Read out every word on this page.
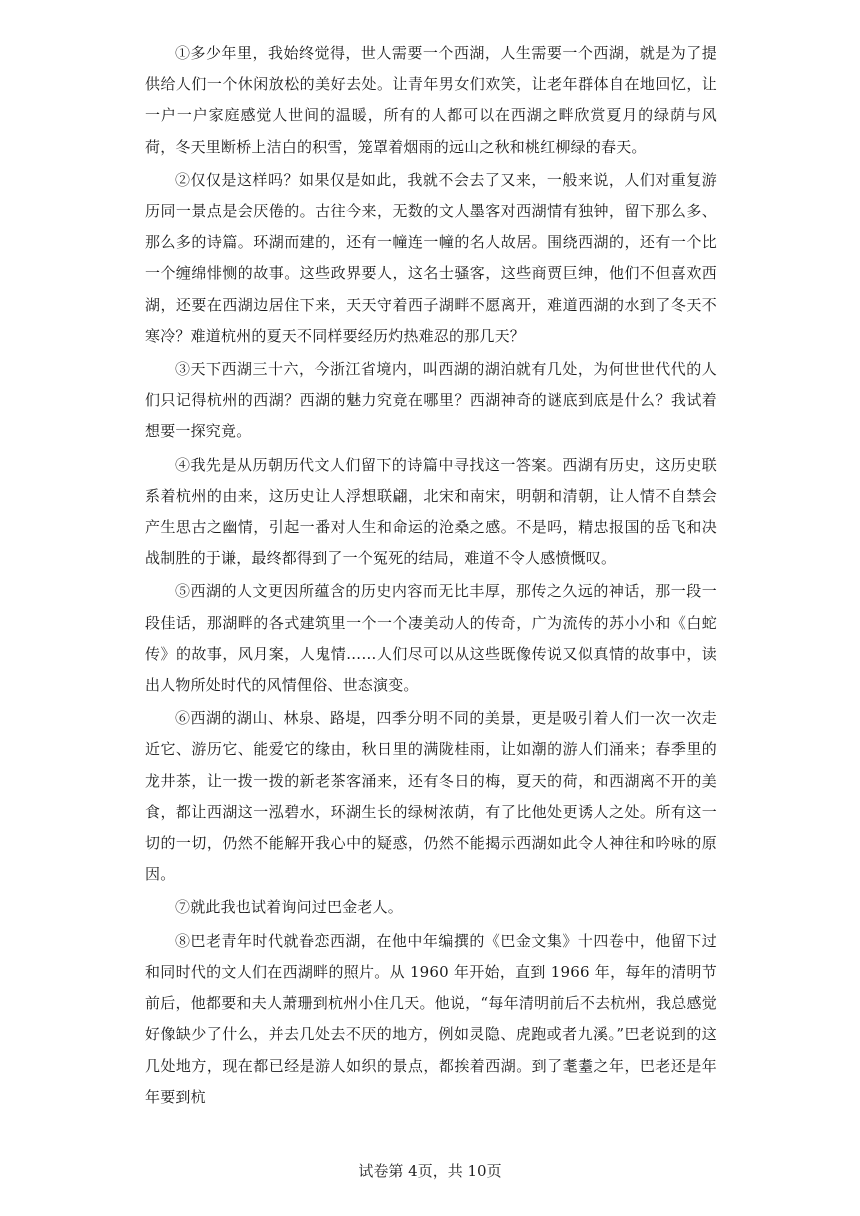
①多少年里，我始终觉得，世人需要一个西湖，人生需要一个西湖，就是为了提供给人们一个休闲放松的美好去处。让青年男女们欢笑，让老年群体自在地回忆，让一户一户家庭感觉人世间的温暖，所有的人都可以在西湖之畔欣赏夏月的绿荫与风荷，冬天里断桥上洁白的积雪，笼罩着烟雨的远山之秋和桃红柳绿的春天。

②仅仅是这样吗？如果仅是如此，我就不会去了又来，一般来说，人们对重复游历同一景点是会厌倦的。古往今来，无数的文人墨客对西湖情有独钟，留下那么多、那么多的诗篇。环湖而建的，还有一幢连一幢的名人故居。围绕西湖的，还有一个比一个缠绵悱恻的故事。这些政界要人，这名士骚客，这些商贾巨绅，他们不但喜欢西湖，还要在西湖边居住下来，天天守着西子湖畔不愿离开，难道西湖的水到了冬天不寒冷？难道杭州的夏天不同样要经历灼热难忍的那几天？

③天下西湖三十六，今浙江省境内，叫西湖的湖泊就有几处，为何世世代代的人们只记得杭州的西湖？西湖的魅力究竟在哪里？西湖神奇的谜底到底是什么？我试着想要一探究竟。

④我先是从历朝历代文人们留下的诗篇中寻找这一答案。西湖有历史，这历史联系着杭州的由来，这历史让人浮想联翩，北宋和南宋，明朝和清朝，让人情不自禁会产生思古之幽情，引起一番对人生和命运的沧桑之感。不是吗，精忠报国的岳飞和决战制胜的于谦，最终都得到了一个冤死的结局，难道不令人感愤慨叹。

⑤西湖的人文更因所蕴含的历史内容而无比丰厚，那传之久远的神话，那一段一段佳话，那湖畔的各式建筑里一个一个凄美动人的传奇，广为流传的苏小小和《白蛇传》的故事，风月案，人鬼情……人们尽可以从这些既像传说又似真情的故事中，读出人物所处时代的风情俚俗、世态演变。

⑥西湖的湖山、林泉、路堤，四季分明不同的美景，更是吸引着人们一次一次走近它、游历它、能爱它的缘由，秋日里的满陇桂雨，让如潮的游人们涌来；春季里的龙井茶，让一拨一拨的新老茶客涌来，还有冬日的梅，夏天的荷，和西湖离不开的美食，都让西湖这一泓碧水，环湖生长的绿树浓荫，有了比他处更诱人之处。所有这一切的一切，仍然不能解开我心中的疑惑，仍然不能揭示西湖如此令人神往和吟咏的原因。

⑦就此我也试着询问过巴金老人。

⑧巴老青年时代就眷恋西湖，在他中年编撰的《巴金文集》十四卷中，他留下过和同时代的文人们在西湖畔的照片。从 1960 年开始，直到 1966 年，每年的清明节前后，他都要和夫人萧珊到杭州小住几天。他说，“每年清明前后不去杭州，我总感觉好像缺少了什么，并去几处去不厌的地方，例如灵隐、虎跑或者九溪。”巴老说到的这几处地方，现在都已经是游人如织的景点，都挨着西湖。到了耄耋之年，巴老还是年年要到杭

试卷第 4页，共 10页
